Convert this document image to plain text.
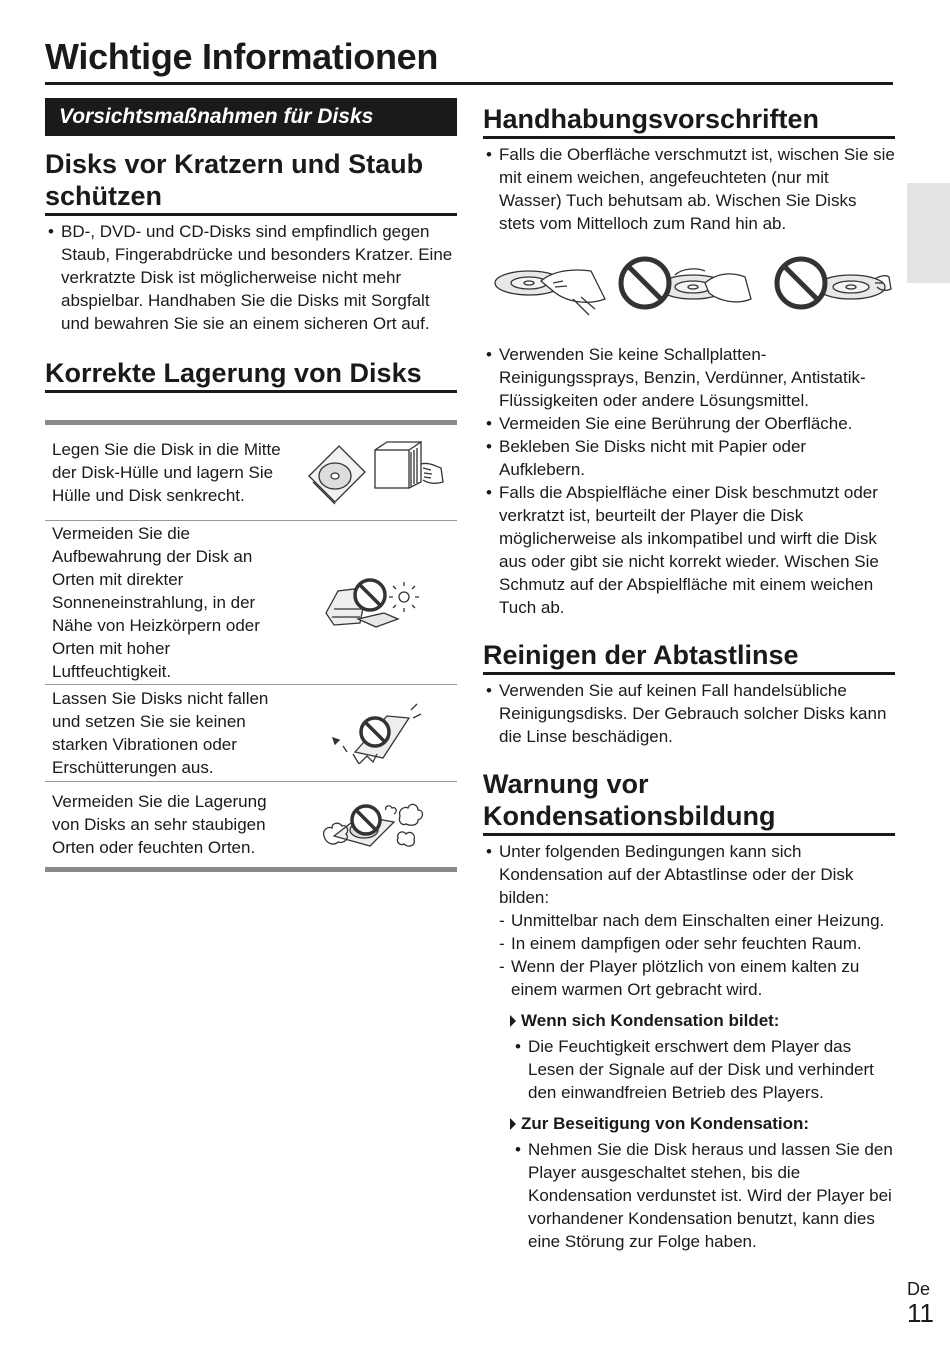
Wichtige Informationen
Vorsichtsmaßnahmen für Disks
Disks vor Kratzern und Staub schützen
• BD-, DVD- und CD-Disks sind empfindlich gegen Staub, Fingerabdrücke und besonders Kratzer. Eine verkratzte Disk ist möglicherweise nicht mehr abspielbar. Handhaben Sie die Disks mit Sorgfalt und bewahren Sie sie an einem sicheren Ort auf.
Korrekte Lagerung von Disks
Legen Sie die Disk in die Mitte der Disk-Hülle und lagern Sie Hülle und Disk senkrecht.
Vermeiden Sie die Aufbewahrung der Disk an Orten mit direkter Sonneneinstrahlung, in der Nähe von Heizkörpern oder Orten mit hoher Luftfeuchtigkeit.
Lassen Sie Disks nicht fallen und setzen Sie sie keinen starken Vibrationen oder Erschütterungen aus.
Vermeiden Sie die Lagerung von Disks an sehr staubigen Orten oder feuchten Orten.
Handhabungsvorschriften
• Falls die Oberfläche verschmutzt ist, wischen Sie sie mit einem weichen, angefeuchteten (nur mit Wasser) Tuch behutsam ab. Wischen Sie Disks stets vom Mittelloch zum Rand hin ab.
• Verwenden Sie keine Schallplatten-Reinigungssprays, Benzin, Verdünner, Antistatik-Flüssigkeiten oder andere Lösungsmittel.
• Vermeiden Sie eine Berührung der Oberfläche.
• Bekleben Sie Disks nicht mit Papier oder Aufklebern.
• Falls die Abspielfläche einer Disk beschmutzt oder verkratzt ist, beurteilt der Player die Disk möglicherweise als inkompatibel und wirft die Disk aus oder gibt sie nicht korrekt wieder. Wischen Sie Schmutz auf der Abspielfläche mit einem weichen Tuch ab.
Reinigen der Abtastlinse
• Verwenden Sie auf keinen Fall handelsübliche Reinigungsdisks. Der Gebrauch solcher Disks kann die Linse beschädigen.
Warnung vor Kondensationsbildung
• Unter folgenden Bedingungen kann sich Kondensation auf der Abtastlinse oder der Disk bilden:
- Unmittelbar nach dem Einschalten einer Heizung.
- In einem dampfigen oder sehr feuchten Raum.
- Wenn der Player plötzlich von einem kalten zu einem warmen Ort gebracht wird.
Wenn sich Kondensation bildet:
• Die Feuchtigkeit erschwert dem Player das Lesen der Signale auf der Disk und verhindert den einwandfreien Betrieb des Players.
Zur Beseitigung von Kondensation:
• Nehmen Sie die Disk heraus und lassen Sie den Player ausgeschaltet stehen, bis die Kondensation verdunstet ist. Wird der Player bei vorhandener Kondensation benutzt, kann dies eine Störung zur Folge haben.
De
11
